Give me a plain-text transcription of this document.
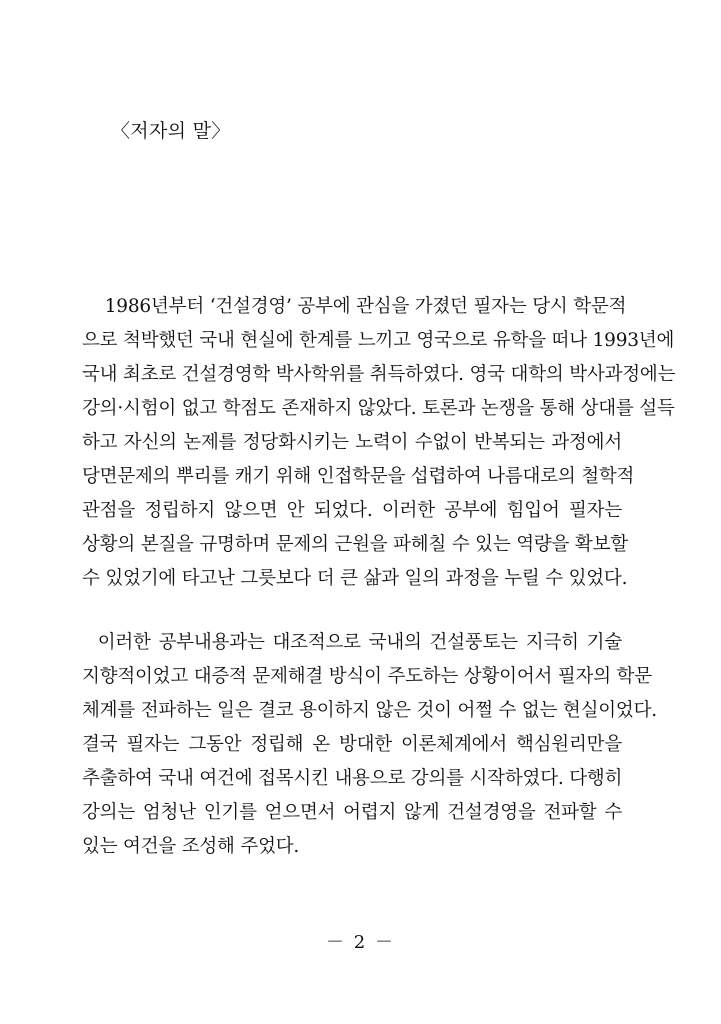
〈저자의 말〉
1986년부터 ‘건설경영’ 공부에 관심을 가졌던 필자는 당시 학문적
으로 척박했던 국내 현실에 한계를 느끼고 영국으로 유학을 떠나 1993년에
국내 최초로 건설경영학 박사학위를 취득하였다. 영국 대학의 박사과정에는
강의·시험이 없고 학점도 존재하지 않았다. 토론과 논쟁을 통해 상대를 설득
하고 자신의 논제를 정당화시키는 노력이 수없이 반복되는 과정에서
당면문제의 뿌리를 캐기 위해 인접학문을 섭렵하여 나름대로의 철학적
관점을 정립하지 않으면 안 되었다. 이러한 공부에 힘입어 필자는
상황의 본질을 규명하며 문제의 근원을 파헤칠 수 있는 역량을 확보할
수 있었기에 타고난 그릇보다 더 큰 삶과 일의 과정을 누릴 수 있었다.
이러한 공부내용과는 대조적으로 국내의 건설풍토는 지극히 기술
지향적이었고 대증적 문제해결 방식이 주도하는 상황이어서 필자의 학문
체계를 전파하는 일은 결코 용이하지 않은 것이 어쩔 수 없는 현실이었다.
결국 필자는 그동안 정립해 온 방대한 이론체계에서 핵심원리만을
추출하여 국내 여건에 접목시킨 내용으로 강의를 시작하였다. 다행히
강의는 엄청난 인기를 얻으면서 어렵지 않게 건설경영을 전파할 수
있는 여건을 조성해 주었다.
－ 2 －
